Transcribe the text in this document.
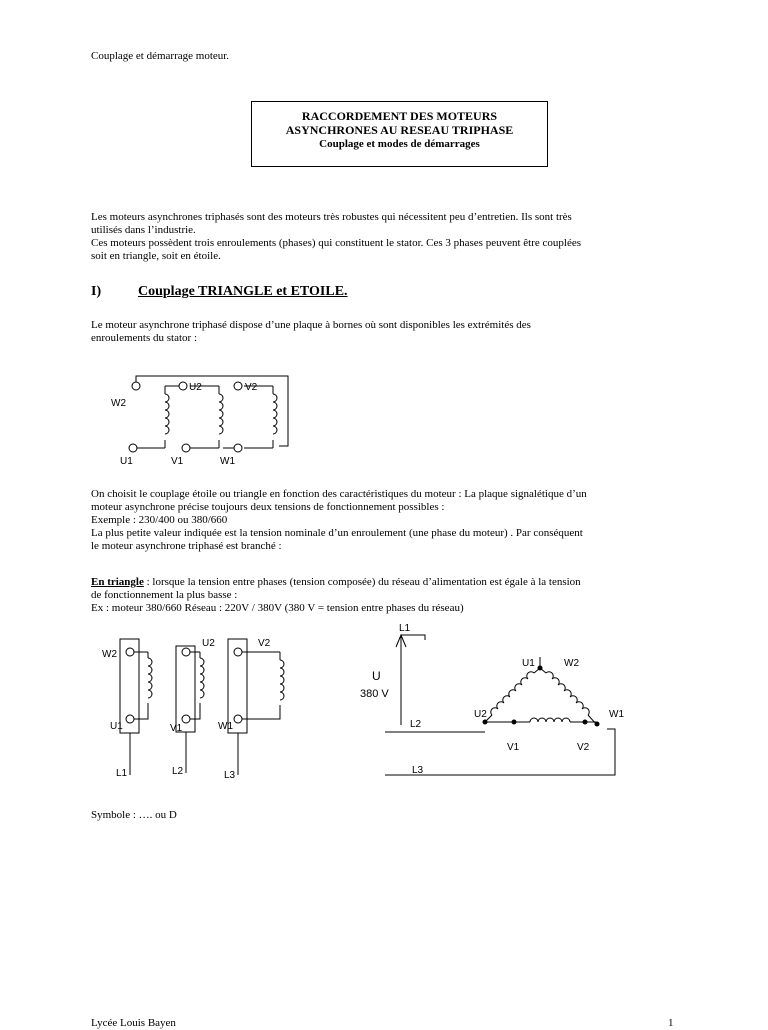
Couplage et démarrage moteur.
RACCORDEMENT DES MOTEURS
ASYNCHRONES AU RESEAU TRIPHASE
Couplage et modes de démarrages
Les moteurs asynchrones triphasés sont des moteurs très robustes qui nécessitent peu d’entretien. Ils sont très
utilisés dans l’industrie.
Ces moteurs possèdent trois enroulements (phases) qui constituent le stator. Ces 3 phases peuvent être couplées
soit en triangle, soit en étoile.
I)	Couplage TRIANGLE et ETOILE.
Le moteur asynchrone triphasé dispose d’une plaque à bornes où sont disponibles les extrémités des
enroulements du stator :
W2
U2	V2
U1	V1	W1
On choisit le couplage étoile ou triangle en fonction des caractéristiques du moteur : La plaque signalétique d’un
moteur asynchrone précise toujours deux tensions de fonctionnement possibles :
Exemple : 230/400 ou 380/660
La plus petite valeur indiquée est la tension nominale d’un enroulement (une phase du moteur) . Par conséquent
le moteur asynchrone triphasé est branché :
En triangle : lorsque la tension entre phases (tension composée) du réseau d’alimentation est égale à la tension
de fonctionnement la plus basse :
Ex : moteur 380/660 Réseau : 220V / 380V (380 V = tension entre phases du réseau)
W2
U2	V2
U1	V1	W1
L1	L2	L3
L1
L2
L3
U
380 V
U1	W2
U2	W1
V1	V2
Symbole : …. ou D
Lycée Louis Bayen	1
